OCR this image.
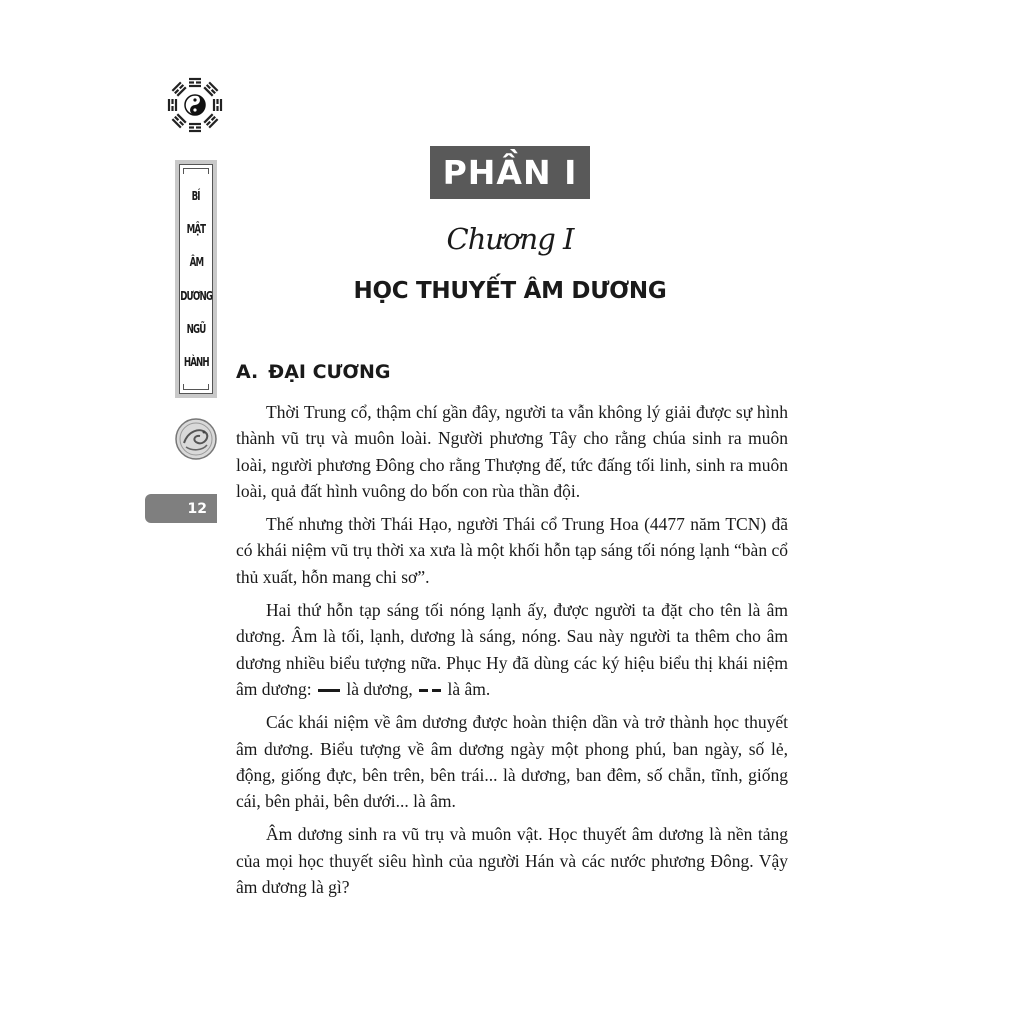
BÍ
MẬT
ÂM
DƯƠNG
NGŨ
HÀNH
12
PHẦN I
Chương I
HỌC THUYẾT ÂM DƯƠNG
A. ĐẠI CƯƠNG

Thời Trung cổ, thậm chí gần đây, người ta vẫn không lý giải được sự hình thành vũ trụ và muôn loài. Người phương Tây cho rằng chúa sinh ra muôn loài, người phương Đông cho rằng Thượng đế, tức đấng tối linh, sinh ra muôn loài, quả đất hình vuông do bốn con rùa thần đội.

Thế nhưng thời Thái Hạo, người Thái cổ Trung Hoa (4477 năm TCN) đã có khái niệm vũ trụ thời xa xưa là một khối hỗn tạp sáng tối nóng lạnh “bàn cổ thủ xuất, hỗn mang chi sơ”.

Hai thứ hỗn tạp sáng tối nóng lạnh ấy, được người ta đặt cho tên là âm dương. Âm là tối, lạnh, dương là sáng, nóng. Sau này người ta thêm cho âm dương nhiều biểu tượng nữa. Phục Hy đã dùng các ký hiệu biểu thị khái niệm âm dương: là dương, là âm.

Các khái niệm về âm dương được hoàn thiện dần và trở thành học thuyết âm dương. Biểu tượng về âm dương ngày một phong phú, ban ngày, số lẻ, động, giống đực, bên trên, bên trái... là dương, ban đêm, số chẵn, tĩnh, giống cái, bên phải, bên dưới... là âm.

Âm dương sinh ra vũ trụ và muôn vật. Học thuyết âm dương là nền tảng của mọi học thuyết siêu hình của người Hán và các nước phương Đông. Vậy âm dương là gì?
